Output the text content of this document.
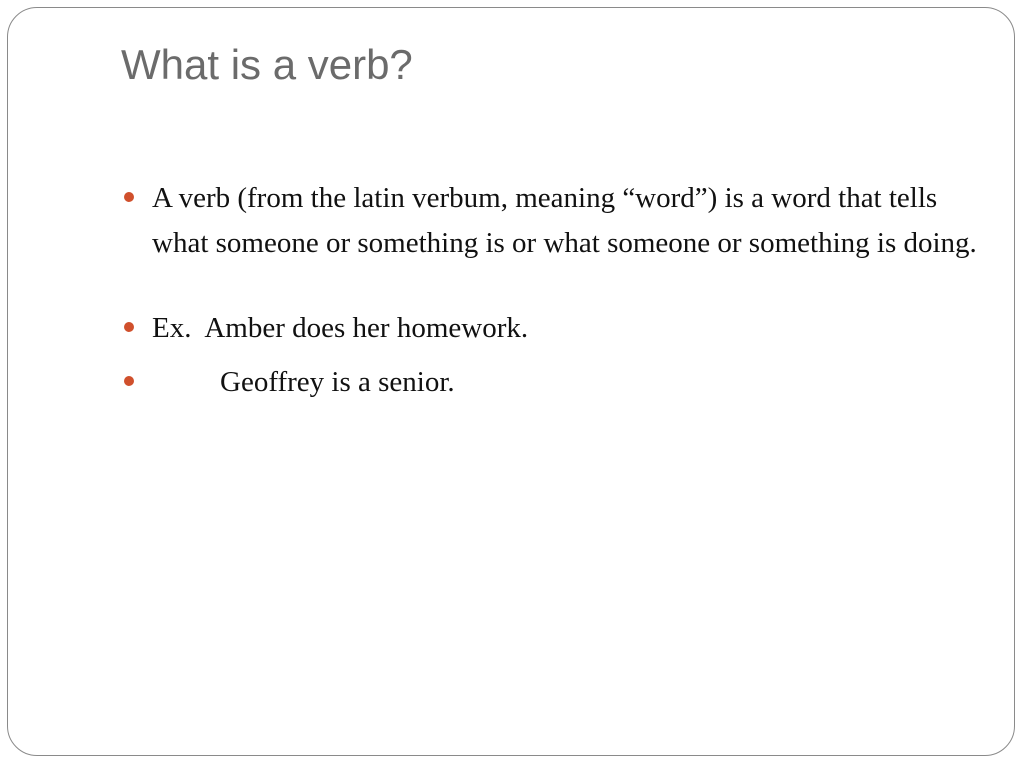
What is a verb?
A verb (from the latin verbum, meaning “word”) is a word that tells what someone or something is or what someone or something is doing.
Ex.  Amber does her homework.
Geoffrey is a senior.
